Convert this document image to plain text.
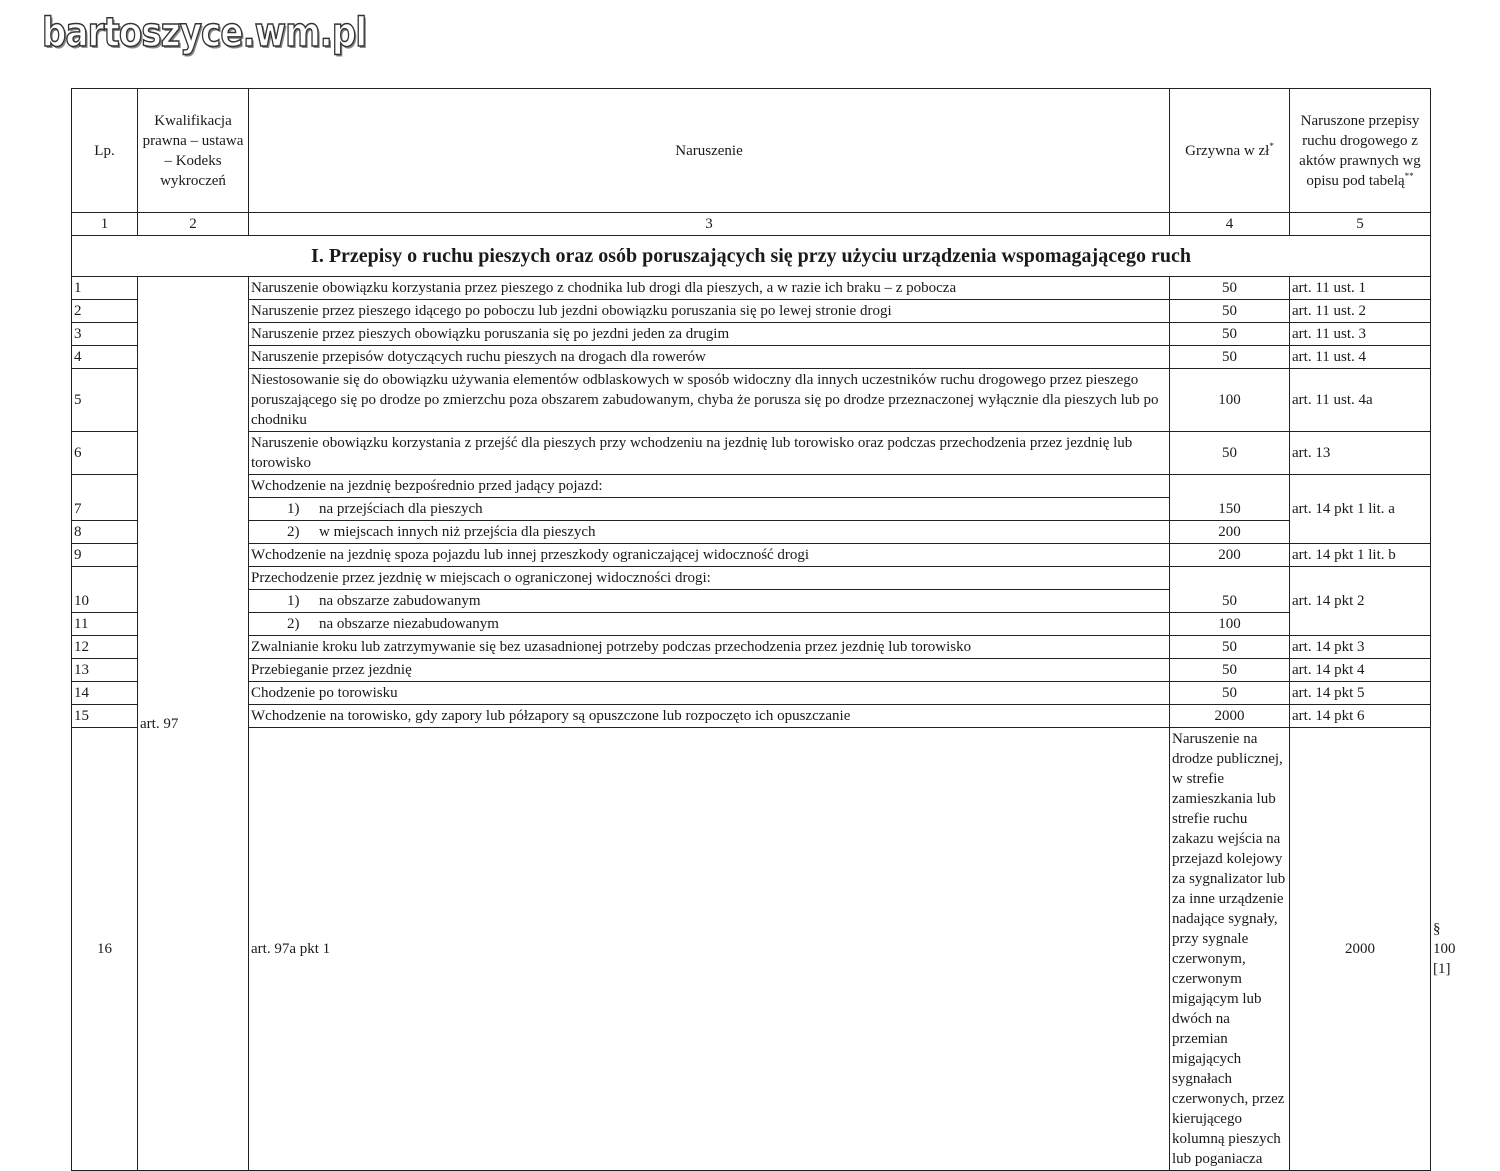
bartoszyce.wm.pl
Lp.	Kwalifikacja prawna – ustawa – Kodeks wykroczeń	Naruszenie	Grzywna w zł*	Naruszone przepisy ruchu drogowego z aktów prawnych wg opisu pod tabelą**
1	2	3	4	5	
I. Przepisy o ruchu pieszych oraz osób poruszających się przy użyciu urządzenia wspomagającego ruch					
1	art. 97	Naruszenie obowiązku korzystania przez pieszego z chodnika lub drogi dla pieszych, a w razie ich braku – z pobocza	50	art. 11 ust. 1	
2		Naruszenie przez pieszego idącego po poboczu lub jezdni obowiązku poruszania się po lewej stronie drogi	50	art. 11 ust. 2	
3		Naruszenie przez pieszych obowiązku poruszania się po jezdni jeden za drugim	50	art. 11 ust. 3	
4		Naruszenie przepisów dotyczących ruchu pieszych na drogach dla rowerów	50	art. 11 ust. 4	
5		Niestosowanie się do obowiązku używania elementów odblaskowych w sposób widoczny dla innych uczestników ruchu drogowego przez pieszego poruszającego się po drodze po zmierzchu poza obszarem zabudowanym, chyba że porusza się po drodze przeznaczonej wyłącznie dla pieszych lub po chodniku	100	art. 11 ust. 4a	
6		Naruszenie obowiązku korzystania z przejść dla pieszych przy wchodzeniu na jezdnię lub torowisko oraz podczas przechodzenia przez jezdnię lub torowisko	50	art. 13	
7		Wchodzenie na jezdnię bezpośrednio przed jadący pojazd:	150	art. 14 pkt 1 lit. a	
		1) na przejściach dla pieszych			
8		2) w miejscach innych niż przejścia dla pieszych	200		
9		Wchodzenie na jezdnię spoza pojazdu lub innej przeszkody ograniczającej widoczność drogi	200	art. 14 pkt 1 lit. b	
10		Przechodzenie przez jezdnię w miejscach o ograniczonej widoczności drogi:	50	art. 14 pkt 2	
		1) na obszarze zabudowanym			
11		2) na obszarze niezabudowanym	100		
12		Zwalnianie kroku lub zatrzymywanie się bez uzasadnionej potrzeby podczas przechodzenia przez jezdnię lub torowisko	50	art. 14 pkt 3	
13		Przebieganie przez jezdnię	50	art. 14 pkt 4	
14		Chodzenie po torowisku	50	art. 14 pkt 5	
15		Wchodzenie na torowisko, gdy zapory lub półzapory są opuszczone lub rozpoczęto ich opuszczanie	2000	art. 14 pkt 6	
16		art. 97a pkt 1	Naruszenie na drodze publicznej, w strefie zamieszkania lub strefie ruchu zakazu wejścia na przejazd kolejowy za sygnalizator lub za inne urządzenie nadające sygnały, przy sygnale czerwonym, czerwonym migającym lub dwóch na przemian migających sygnałach czerwonych, przez kierującego kolumną pieszych lub poganiacza	2000	§ 100 [1]
